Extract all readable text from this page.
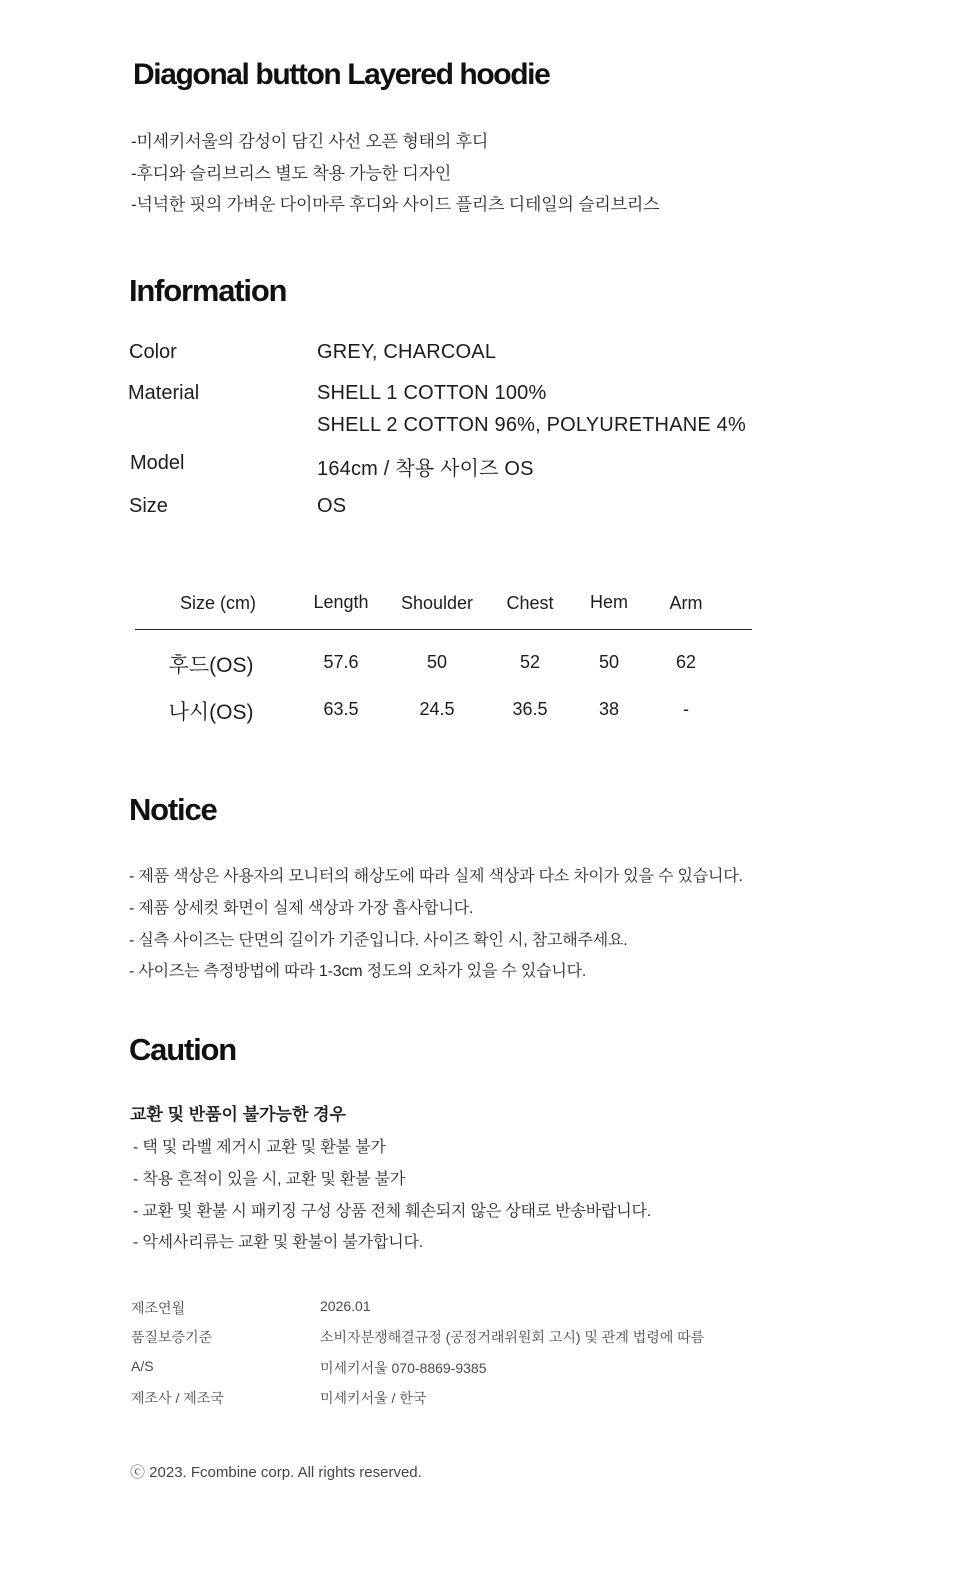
Diagonal button Layered hoodie
-미세키서울의 감성이 담긴 사선 오픈 형태의 후디
-후디와 슬리브리스 별도 착용 가능한 디자인
-넉넉한 핏의 가벼운 다이마루 후디와 사이드 플리츠 디테일의 슬리브리스
Information
Color	GREY, CHARCOAL
Material	SHELL 1 COTTON 100%
SHELL 2 COTTON 96%, POLYURETHANE 4%
Model	164cm / 착용 사이즈 OS
Size	OS
Size (cm)	Length Shoulder Chest Hem Arm
후드(OS)	57.6	50	52	50	62
나시(OS)	63.5	24.5	36.5	38	-
Notice
- 제품 색상은 사용자의 모니터의 해상도에 따라 실제 색상과 다소 차이가 있을 수 있습니다.
- 제품 상세컷 화면이 실제 색상과 가장 흡사합니다.
- 실측 사이즈는 단면의 길이가 기준입니다. 사이즈 확인 시, 참고해주세요.
- 사이즈는 측정방법에 따라 1-3cm 정도의 오차가 있을 수 있습니다.
Caution
교환 및 반품이 불가능한 경우
- 택 및 라벨 제거시 교환 및 환불 불가
- 착용 흔적이 있을 시, 교환 및 환불 불가
- 교환 및 환불 시 패키징 구성 상품 전체 훼손되지 않은 상태로 반송바랍니다.
- 악세사리류는 교환 및 환불이 불가합니다.
제조연월	2026.01
품질보증기준	소비자분쟁해결규정 (공정거래위원회 고시) 및 관계 법령에 따름
A/S	미세키서울 070-8869-9385
제조사 / 제조국	미세키서울 / 한국
ⓒ 2023. Fcombine corp. All rights reserved.
